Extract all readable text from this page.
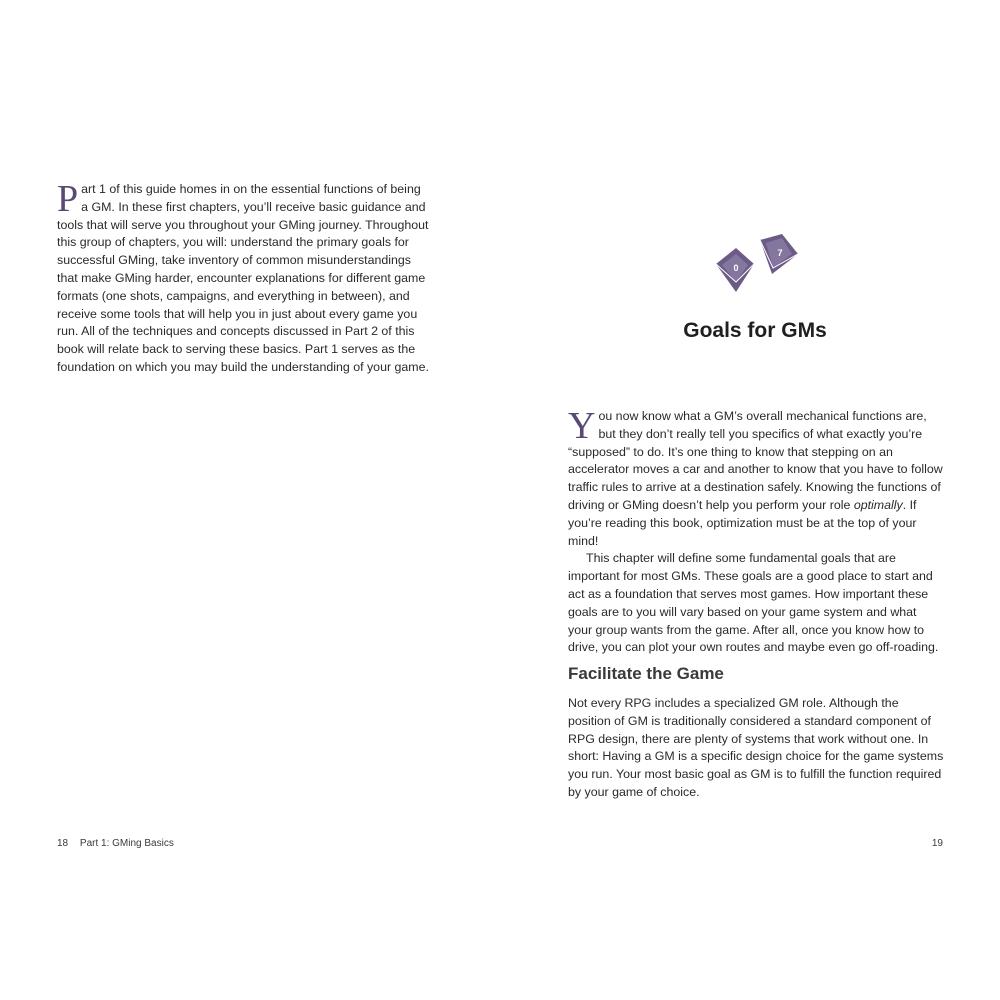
Part 1 of this guide homes in on the essential functions of being a GM. In these first chapters, you’ll receive basic guidance and tools that will serve you throughout your GMing journey. Throughout this group of chapters, you will: understand the primary goals for successful GMing, take inventory of common misunderstandings that make GMing harder, encounter explanations for different game formats (one shots, campaigns, and everything in between), and receive some tools that will help you in just about every game you run. All of the techniques and concepts discussed in Part 2 of this book will relate back to serving these basics. Part 1 serves as the foundation on which you may build the understanding of your game.

18 Part 1: GMing Basics
0
7
Goals for GMs

You now know what a GM’s overall mechanical functions are, but they don’t really tell you specifics of what exactly you’re “supposed” to do. It’s one thing to know that stepping on an accelerator moves a car and another to know that you have to follow traffic rules to arrive at a destination safely. Knowing the functions of driving or GMing doesn’t help you perform your role optimally. If you’re reading this book, optimization must be at the top of your mind!

This chapter will define some fundamental goals that are important for most GMs. These goals are a good place to start and act as a foundation that serves most games. How important these goals are to you will vary based on your game system and what your group wants from the game. After all, once you know how to drive, you can plot your own routes and maybe even go off-roading.

Facilitate the Game

Not every RPG includes a specialized GM role. Although the position of GM is traditionally considered a standard component of RPG design, there are plenty of systems that work without one. In short: Having a GM is a specific design choice for the game systems you run. Your most basic goal as GM is to fulfill the function required by your game of choice.

19
